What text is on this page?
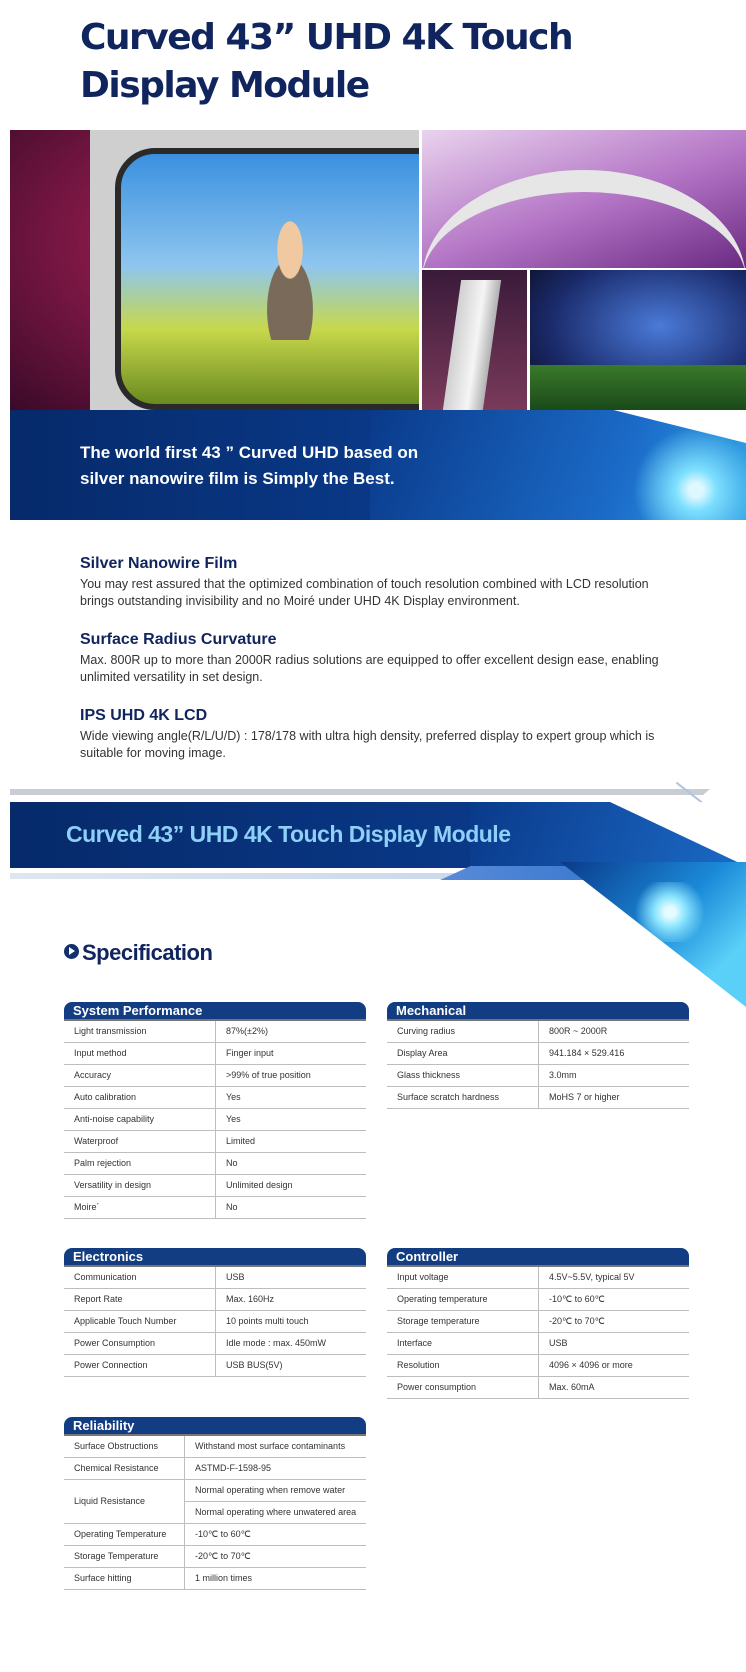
Curved 43” UHD 4K Touch
Display Module

The world first 43 ” Curved UHD based on
silver nanowire film is Simply the Best.

Silver Nanowire Film

You may rest assured that the optimized combination of touch resolution combined with LCD resolution brings outstanding invisibility and no Moiré under UHD 4K Display environment.

Surface Radius Curvature

Max. 800R up to more than 2000R radius solutions are equipped to offer excellent design ease, enabling unlimited versatility in set design.

IPS UHD 4K LCD

Wide viewing angle(R/L/U/D) : 178/178 with ultra high density, preferred display to expert group which is suitable for moving image.

Curved 43” UHD 4K Touch Display Module
Specification
System Performance
Light transmission	87%(±2%)
Input method	Finger input
Accuracy	>99% of true position
Auto calibration	Yes
Anti-noise capability	Yes
Waterproof	Limited
Palm rejection	No
Versatility in design	Unlimited design
Moire´	No
Mechanical
Curving radius	800R ~ 2000R
Display Area	941.184 × 529.416
Glass thickness	3.0mm
Surface scratch hardness	MoHS 7 or higher
Electronics
Communication	USB
Report Rate	Max. 160Hz
Applicable Touch Number	10 points multi touch
Power Consumption	Idle mode : max. 450mW
Power Connection	USB BUS(5V)
Controller
Input voltage	4.5V~5.5V, typical 5V
Operating temperature	-10℃ to 60℃
Storage temperature	-20℃ to 70℃
Interface	USB
Resolution	4096 × 4096 or more
Power consumption	Max. 60mA
Reliability
Surface Obstructions	Withstand most surface contaminants
Chemical Resistance	ASTMD-F-1598-95
Liquid Resistance
Normal operating when remove water
Normal operating where unwatered area
Operating Temperature	-10℃ to 60℃
Storage Temperature	-20℃ to 70℃
Surface hitting	1 million times
